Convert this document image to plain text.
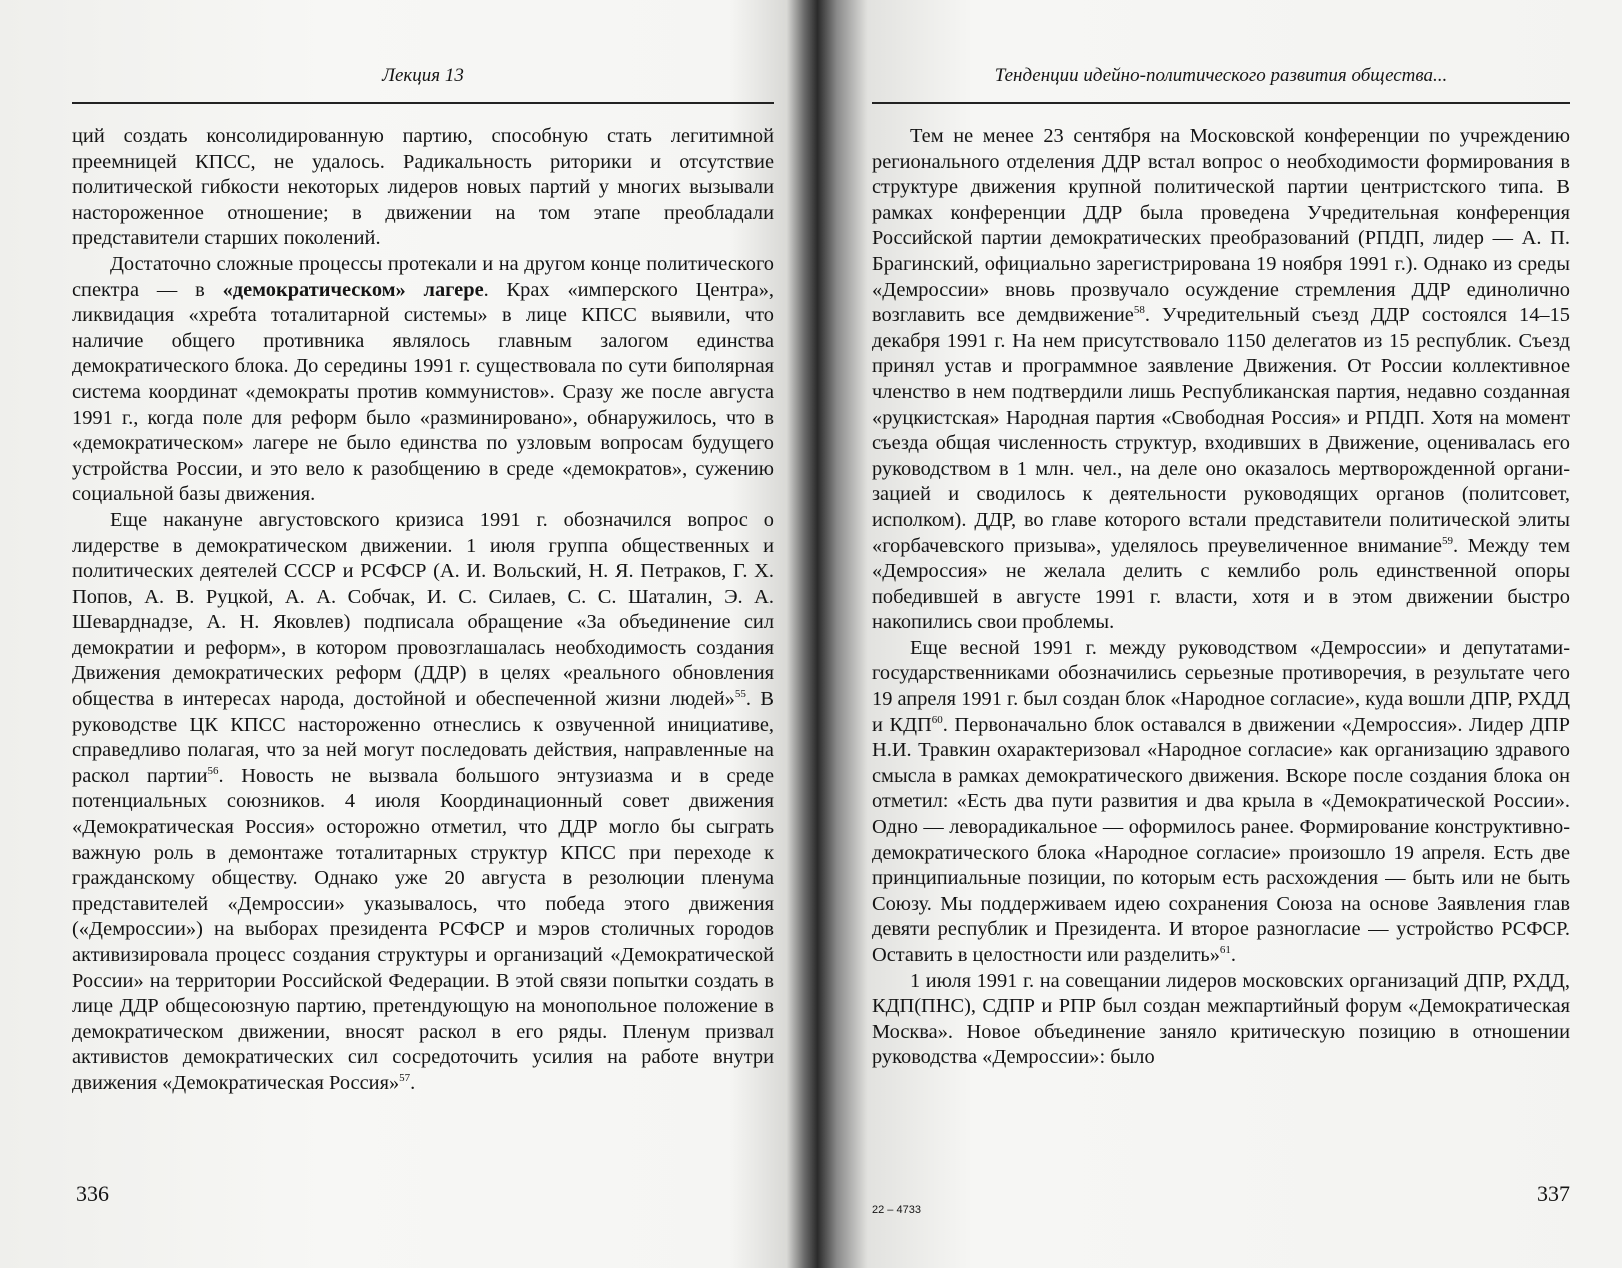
Лекция 13

ций создать консолидированную партию, способную стать легитимной преемницей КПСС, не удалось. Радикальность риторики и отсутствие политической гибкости некоторых лидеров новых партий у многих вызывали настороженное отношение; в движении на том этапе преобладали представители старших поколений.

Достаточно сложные процессы протекали и на другом конце политического спектра — в «демократическом» лагере. Крах «имперского Центра», ликвидация «хребта тоталитарной системы» в лице КПСС выявили, что наличие общего противника являлось главным залогом единства демократического блока. До середины 1991 г. существовала по сути биполярная система координат «демократы против коммунистов». Сразу же после августа 1991 г., когда поле для реформ было «разминировано», обнаружилось, что в «демократическом» лагере не было единства по узловым вопросам будущего устройства России, и это вело к разобщению в среде «демократов», сужению социальной базы движения.

Еще накануне августовского кризиса 1991 г. обозначился вопрос о лидерстве в демократическом движении. 1 июля группа общественных и политических деятелей СССР и РСФСР (А. И. Вольский, Н. Я. Петраков, Г. Х. Попов, А. В. Руцкой, А. А. Собчак, И. С. Силаев, С. С. Шаталин, Э. А. Шеварднадзе, А. Н. Яковлев) подписала обращение «За объединение сил демократии и реформ», в котором провозглашалась необходимость создания Движения демократических реформ (ДДР) в целях «реального обновления общества в интересах народа, достойной и обеспеченной жизни людей»$^{55}$. В руководстве ЦК КПСС настороженно отнеслись к озвученной инициативе, справедливо полагая, что за ней могут последовать действия, направленные на раскол партии$^{56}$. Новость не вызвала большого энтузиазма и в среде потенциальных союзников. 4 июля Координационный совет движения «Демократическая Россия» осторожно отметил, что ДДР могло бы сыграть важную роль в демонтаже тоталитарных структур КПСС при переходе к гражданскому обществу. Однако уже 20 августа в резолюции пленума представителей «Демроссии» указывалось, что победа этого движения («Демроссии») на выборах президента РСФСР и мэров столичных городов активизировала процесс создания структуры и организаций «Демократической России» на территории Российской Федерации. В этой связи попытки создать в лице ДДР общесоюзную партию, претендующую на монопольное положение в демократическом движении, вносят раскол в его ряды. Пленум призвал активистов демократических сил сосредоточить усилия на работе внутри движения «Демократическая Россия»$^{57}$.

336
Тенденции идейно-политического развития общества...

Тем не менее 23 сентября на Московской конференции по учреждению регионального отделения ДДР встал вопрос о необходимости формирования в структуре движения крупной политической партии центристского типа. В рамках конференции ДДР была проведена Учредительная конференция Российской партии демократических преобразований (РПДП, лидер — А. П. Брагинский, официально зарегистрирована 19 ноября 1991 г.). Однако из среды «Демроссии» вновь прозвучало осуждение стремления ДДР единолично возглавить все демдвижение$^{58}$. Учредительный съезд ДДР состоялся 14–15 декабря 1991 г. На нем присутствовало 1150 делегатов из 15 республик. Съезд принял устав и программное заявление Движения. От России коллективное членство в нем подтвердили лишь Республиканская партия, недавно созданная «руцкистская» Народная партия «Свободная Россия» и РПДП. Хотя на момент съезда общая численность структур, входивших в Движение, оценивалась его руководством в 1 млн. чел., на деле оно оказалось мертворожденной организацией и сводилось к деятельности руководящих органов (политсовет, исполком). ДДР, во главе которого встали представители политической элиты «горбачевского призыва», уделялось преувеличенное внимание$^{59}$. Между тем «Демроссия» не желала делить с кемлибо роль единственной опоры победившей в августе 1991 г. власти, хотя и в этом движении быстро накопились свои проблемы.

Еще весной 1991 г. между руководством «Демроссии» и депутатами-государственниками обозначились серьезные противоречия, в результате чего 19 апреля 1991 г. был создан блок «Народное согласие», куда вошли ДПР, РХДД и КДП$^{60}$. Первоначально блок оставался в движении «Демроссия». Лидер ДПР Н.И. Травкин охарактеризовал «Народное согласие» как организацию здравого смысла в рамках демократического движения. Вскоре после создания блока он отметил: «Есть два пути развития и два крыла в «Демократической России». Одно — леворадикальное — оформилось ранее. Формирование конструктивно-демократического блока «Народное согласие» произошло 19 апреля. Есть две принципиальные позиции, по которым есть расхождения — быть или не быть Союзу. Мы поддерживаем идею сохранения Союза на основе Заявления глав девяти республик и Президента. И второе разногласие — устройство РСФСР. Оставить в целостности или разделить»$^{61}$.

1 июля 1991 г. на совещании лидеров московских организаций ДПР, РХДД, КДП(ПНС), СДПР и РПР был создан межпартийный форум «Демократическая Москва». Новое объединение заняло критическую позицию в отношении руководства «Демроссии»: было

22 – 4733
337
